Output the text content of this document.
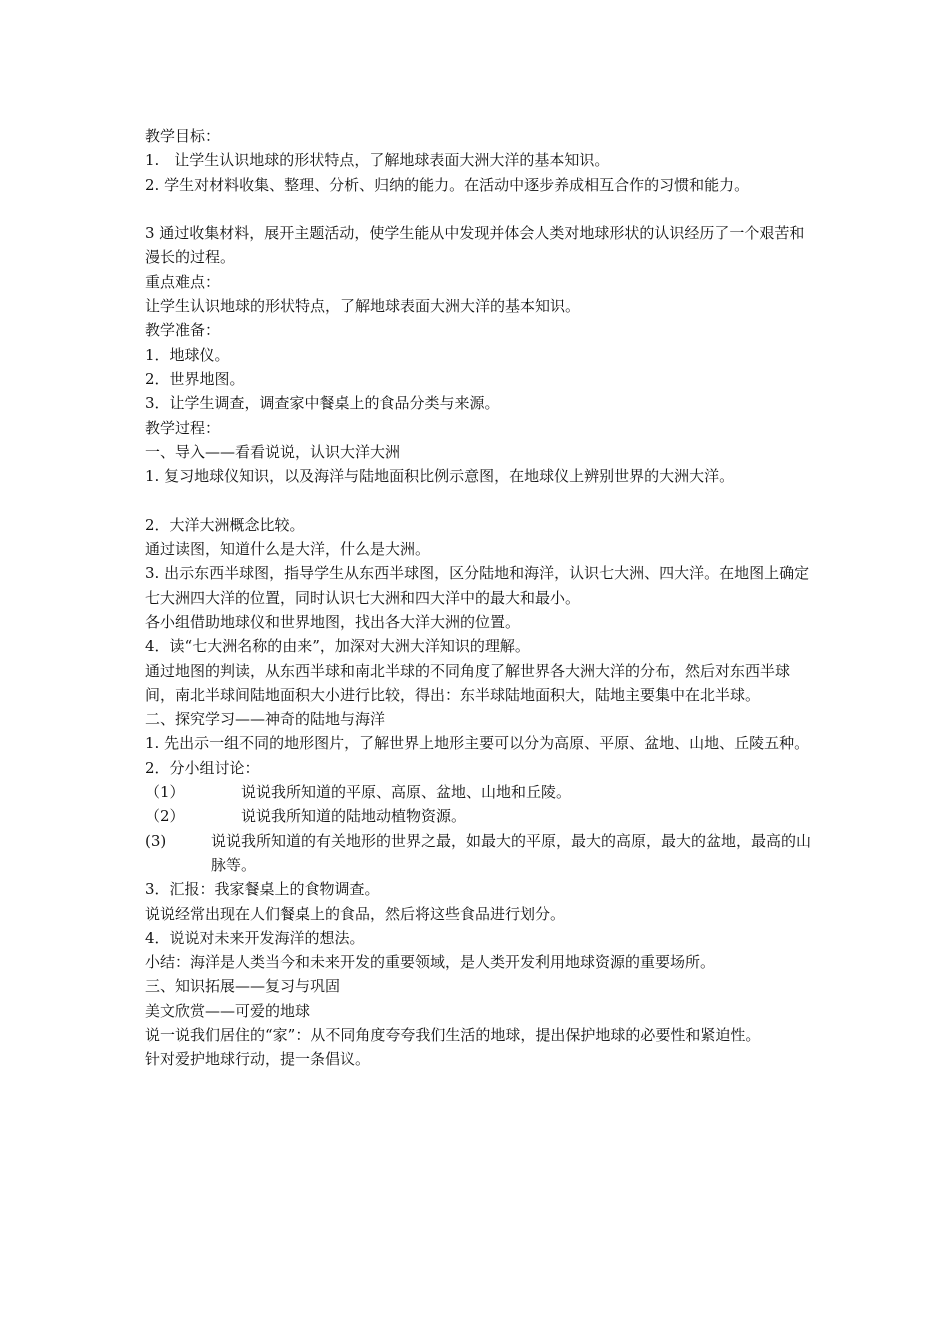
教学目标：

1.　让学生认识地球的形状特点，了解地球表面大洲大洋的基本知识。

2. 学生对材料收集、整理、分析、归纳的能力。在活动中逐步养成相互合作的习惯和能力。

3 通过收集材料，展开主题活动，使学生能从中发现并体会人类对地球形状的认识经历了一个艰苦和漫长的过程。

重点难点：

让学生认识地球的形状特点，了解地球表面大洲大洋的基本知识。

教学准备：

1．地球仪。

2．世界地图。

3．让学生调查，调查家中餐桌上的食品分类与来源。

教学过程：

一、导入——看看说说，认识大洋大洲

1. 复习地球仪知识，以及海洋与陆地面积比例示意图，在地球仪上辨别世界的大洲大洋。

2．大洋大洲概念比较。

通过读图，知道什么是大洋，什么是大洲。

3. 出示东西半球图，指导学生从东西半球图，区分陆地和海洋，认识七大洲、四大洋。在地图上确定七大洲四大洋的位置，同时认识七大洲和四大洋中的最大和最小。

各小组借助地球仪和世界地图，找出各大洋大洲的位置。

4．读“七大洲名称的由来”，加深对大洲大洋知识的理解。

通过地图的判读，从东西半球和南北半球的不同角度了解世界各大洲大洋的分布，然后对东西半球间，南北半球间陆地面积大小进行比较，得出：东半球陆地面积大，陆地主要集中在北半球。

二、探究学习——神奇的陆地与海洋

1. 先出示一组不同的地形图片，了解世界上地形主要可以分为高原、平原、盆地、山地、丘陵五种。

2．分小组讨论：

（1）	说说我所知道的平原、高原、盆地、山地和丘陵。
（2）	说说我所知道的陆地动植物资源。
(3)	说说我所知道的有关地形的世界之最，如最大的平原，最大的高原，最大的盆地，最高的山脉等。

3．汇报：我家餐桌上的食物调查。

说说经常出现在人们餐桌上的食品，然后将这些食品进行划分。

4．说说对未来开发海洋的想法。

小结：海洋是人类当今和未来开发的重要领域，是人类开发利用地球资源的重要场所。

三、知识拓展——复习与巩固

美文欣赏——可爱的地球

说一说我们居住的“家”：从不同角度夸夸我们生活的地球，提出保护地球的必要性和紧迫性。

针对爱护地球行动，提一条倡议。
